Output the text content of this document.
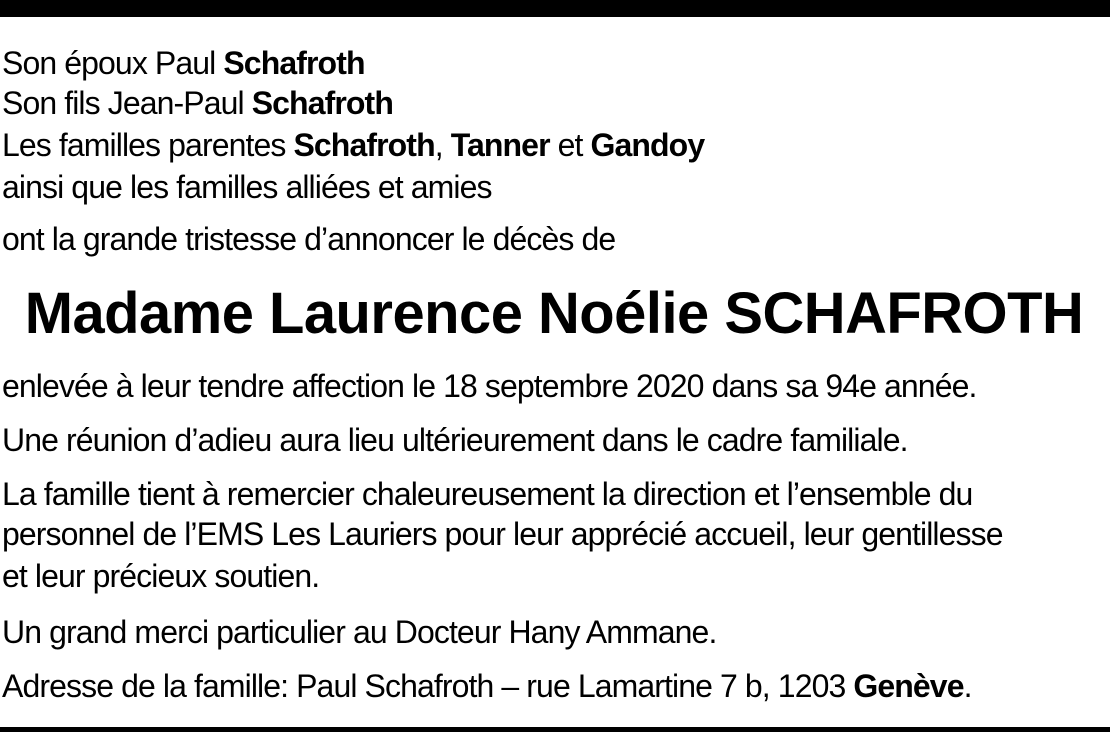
Son époux Paul Schafroth
Son fils Jean-Paul Schafroth
Les familles parentes Schafroth, Tanner et Gandoy
ainsi que les familles alliées et amies
ont la grande tristesse d’annoncer le décès de
Madame Laurence Noélie SCHAFROTH
enlevée à leur tendre affection le 18 septembre 2020 dans sa 94e année.
Une réunion d’adieu aura lieu ultérieurement dans le cadre familiale.
La famille tient à remercier chaleureusement la direction et l’ensemble du
personnel de l’EMS Les Lauriers pour leur apprécié accueil, leur gentillesse
et leur précieux soutien.
Un grand merci particulier au Docteur Hany Ammane.
Adresse de la famille: Paul Schafroth – rue Lamartine 7 b, 1203 Genève.
